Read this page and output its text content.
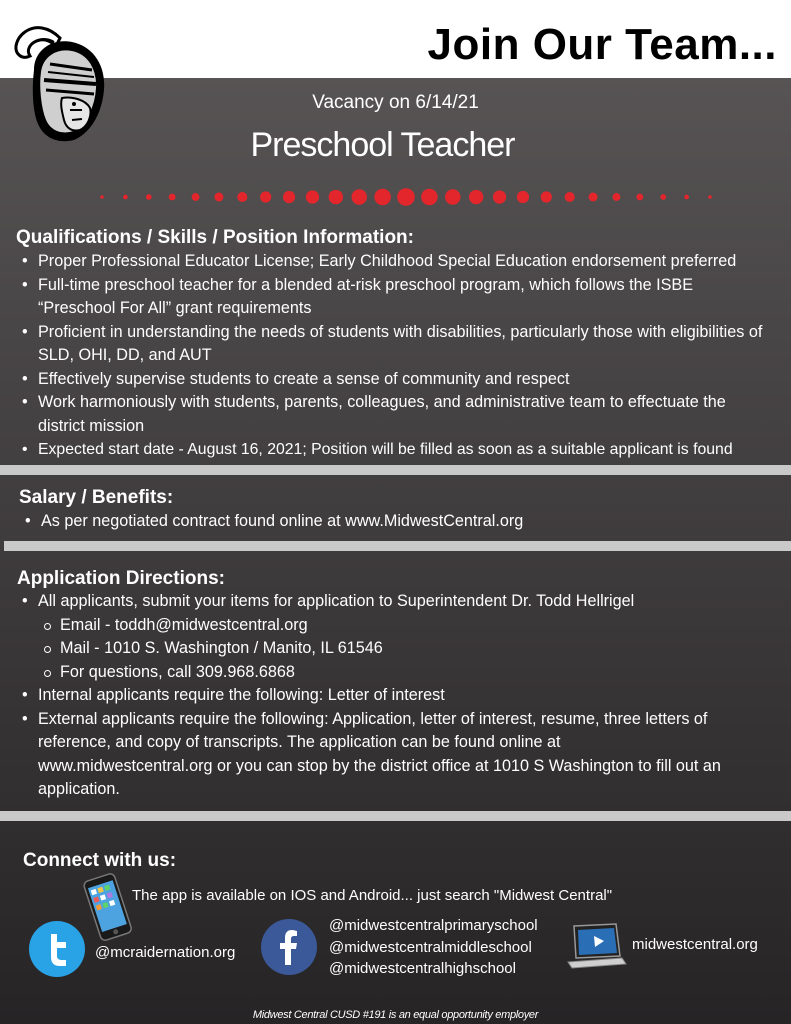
Join Our Team...
Vacancy on 6/14/21
Preschool Teacher
Qualifications / Skills / Position Information:
• Proper Professional Educator License; Early Childhood Special Education endorsement preferred
• Full-time preschool teacher for a blended at-risk preschool program, which follows the ISBE “Preschool For All” grant requirements
• Proficient in understanding the needs of students with disabilities, particularly those with eligibilities of SLD, OHI, DD, and AUT
• Effectively supervise students to create a sense of community and respect
• Work harmoniously with students, parents, colleagues, and administrative team to effectuate the district mission
• Expected start date - August 16, 2021; Position will be filled as soon as a suitable applicant is found
Salary / Benefits:
• As per negotiated contract found online at www.MidwestCentral.org
Application Directions:
• All applicants, submit your items for application to Superintendent Dr. Todd Hellrigel
Email - toddh@midwestcentral.org
Mail - 1010 S. Washington / Manito, IL 61546
For questions, call 309.968.6868
• Internal applicants require the following: Letter of interest
• External applicants require the following: Application, letter of interest, resume, three letters of reference, and copy of transcripts. The application can be found online at www.midwestcentral.org or you can stop by the district office at 1010 S Washington to fill out an application.
Connect with us:
The app is available on IOS and Android... just search "Midwest Central"
@mcraidernation.org
@midwestcentralprimaryschool
@midwestcentralmiddleschool
@midwestcentralhighschool
midwestcentral.org
Midwest Central CUSD #191 is an equal opportunity employer
